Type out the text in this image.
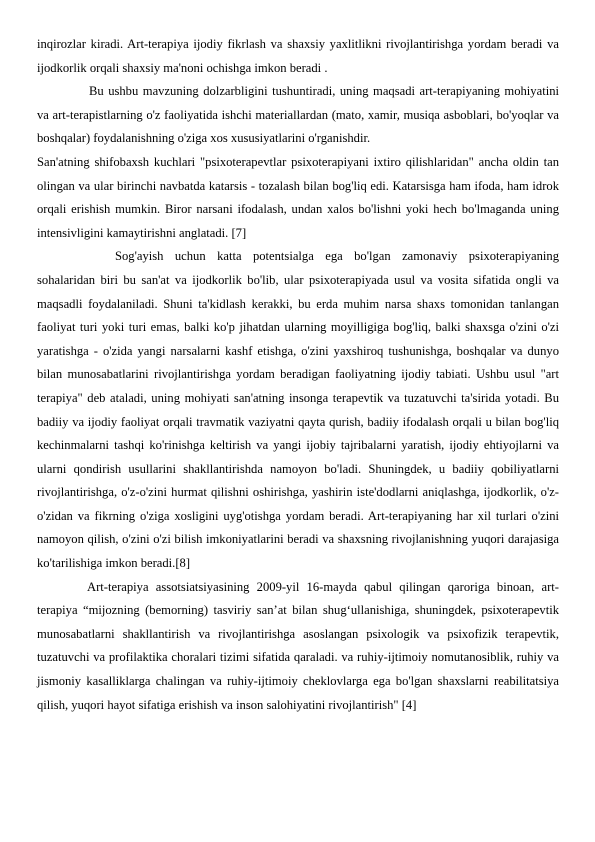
inqirozlar kiradi. Art-terapiya ijodiy fikrlash va shaxsiy yaxlitlikni rivojlantirishga yordam beradi va ijodkorlik orqali shaxsiy ma'noni ochishga imkon beradi .

Bu ushbu mavzuning dolzarbligini tushuntiradi, uning maqsadi art-terapiyaning mohiyatini va art-terapistlarning o'z faoliyatida ishchi materiallardan (mato, xamir, musiqa asboblari, bo'yoqlar va boshqalar) foydalanishning o'ziga xos xususiyatlarini o'rganishdir.

San'atning shifobaxsh kuchlari "psixoterapevtlar psixoterapiyani ixtiro qilishlaridan" ancha oldin tan olingan va ular birinchi navbatda katarsis - tozalash bilan bog'liq edi. Katarsisga ham ifoda, ham idrok orqali erishish mumkin. Biror narsani ifodalash, undan xalos bo'lishni yoki hech bo'lmaganda uning intensivligini kamaytirishni anglatadi. [7]

Sog'ayish uchun katta potentsialga ega bo'lgan zamonaviy psixoterapiyaning sohalaridan biri bu san'at va ijodkorlik bo'lib, ular psixoterapiyada usul va vosita sifatida ongli va maqsadli foydalaniladi. Shuni ta'kidlash kerakki, bu erda muhim narsa shaxs tomonidan tanlangan faoliyat turi yoki turi emas, balki ko'p jihatdan ularning moyilligiga bog'liq, balki shaxsga o'zini o'zi yaratishga - o'zida yangi narsalarni kashf etishga, o'zini yaxshiroq tushunishga, boshqalar va dunyo bilan munosabatlarini rivojlantirishga yordam beradigan faoliyatning ijodiy tabiati. Ushbu usul "art terapiya" deb ataladi, uning mohiyati san'atning insonga terapevtik va tuzatuvchi ta'sirida yotadi. Bu badiiy va ijodiy faoliyat orqali travmatik vaziyatni qayta qurish, badiiy ifodalash orqali u bilan bog'liq kechinmalarni tashqi ko'rinishga keltirish va yangi ijobiy tajribalarni yaratish, ijodiy ehtiyojlarni va ularni qondirish usullarini shakllantirishda namoyon bo'ladi. Shuningdek, u badiiy qobiliyatlarni rivojlantirishga, o'z-o'zini hurmat qilishni oshirishga, yashirin iste'dodlarni aniqlashga, ijodkorlik, o'z-o'zidan va fikrning o'ziga xosligini uyg'otishga yordam beradi. Art-terapiyaning har xil turlari o'zini namoyon qilish, o'zini o'zi bilish imkoniyatlarini beradi va shaxsning rivojlanishning yuqori darajasiga ko'tarilishiga imkon beradi.[8]

Art-terapiya assotsiatsiyasining 2009-yil 16-mayda qabul qilingan qaroriga binoan, art-terapiya “mijozning (bemorning) tasviriy san’at bilan shug‘ullanishiga, shuningdek, psixoterapevtik munosabatlarni shakllantirish va rivojlantirishga asoslangan psixologik va psixofizik terapevtik, tuzatuvchi va profilaktika choralari tizimi sifatida qaraladi. va ruhiy-ijtimoiy nomutanosiblik, ruhiy va jismoniy kasalliklarga chalingan va ruhiy-ijtimoiy cheklovlarga ega bo'lgan shaxslarni reabilitatsiya qilish, yuqori hayot sifatiga erishish va inson salohiyatini rivojlantirish" [4]
